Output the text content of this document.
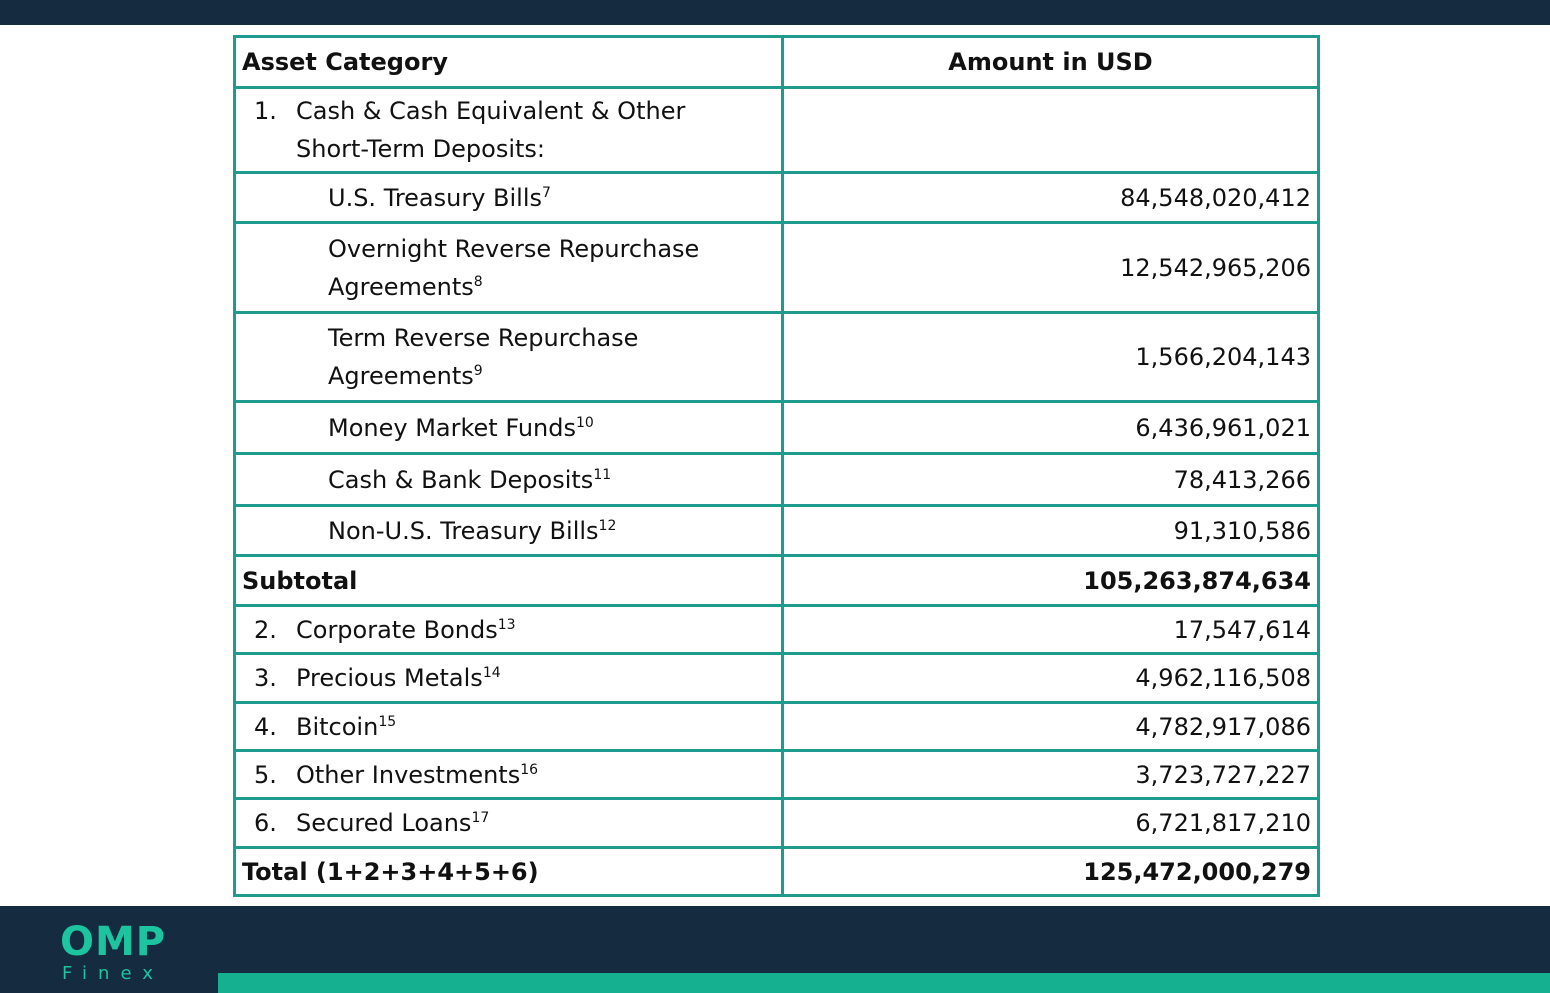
Asset Category	Amount in USD

1. Cash & Cash Equivalent & Other Short-Term Deposits:	

U.S. Treasury Bills$^7$	84,548,020,412
Overnight Reverse Repurchase Agreements$^8$	12,542,965,206
Term Reverse Repurchase Agreements$^9$	1,566,204,143
Money Market Funds$^{10}$	6,436,961,021
Cash & Bank Deposits$^{11}$	78,413,266
Non-U.S. Treasury Bills$^{12}$	91,310,586
Subtotal	105,263,874,634

2. Corporate Bonds$^{13}$	17,547,614

3. Precious Metals$^{14}$	4,962,116,508

4. Bitcoin$^{15}$	4,782,917,086

5. Other Investments$^{16}$	3,723,727,227

6. Secured Loans$^{17}$	6,721,817,210
Total (1+2+3+4+5+6)	125,472,000,279
OMP
Finex
